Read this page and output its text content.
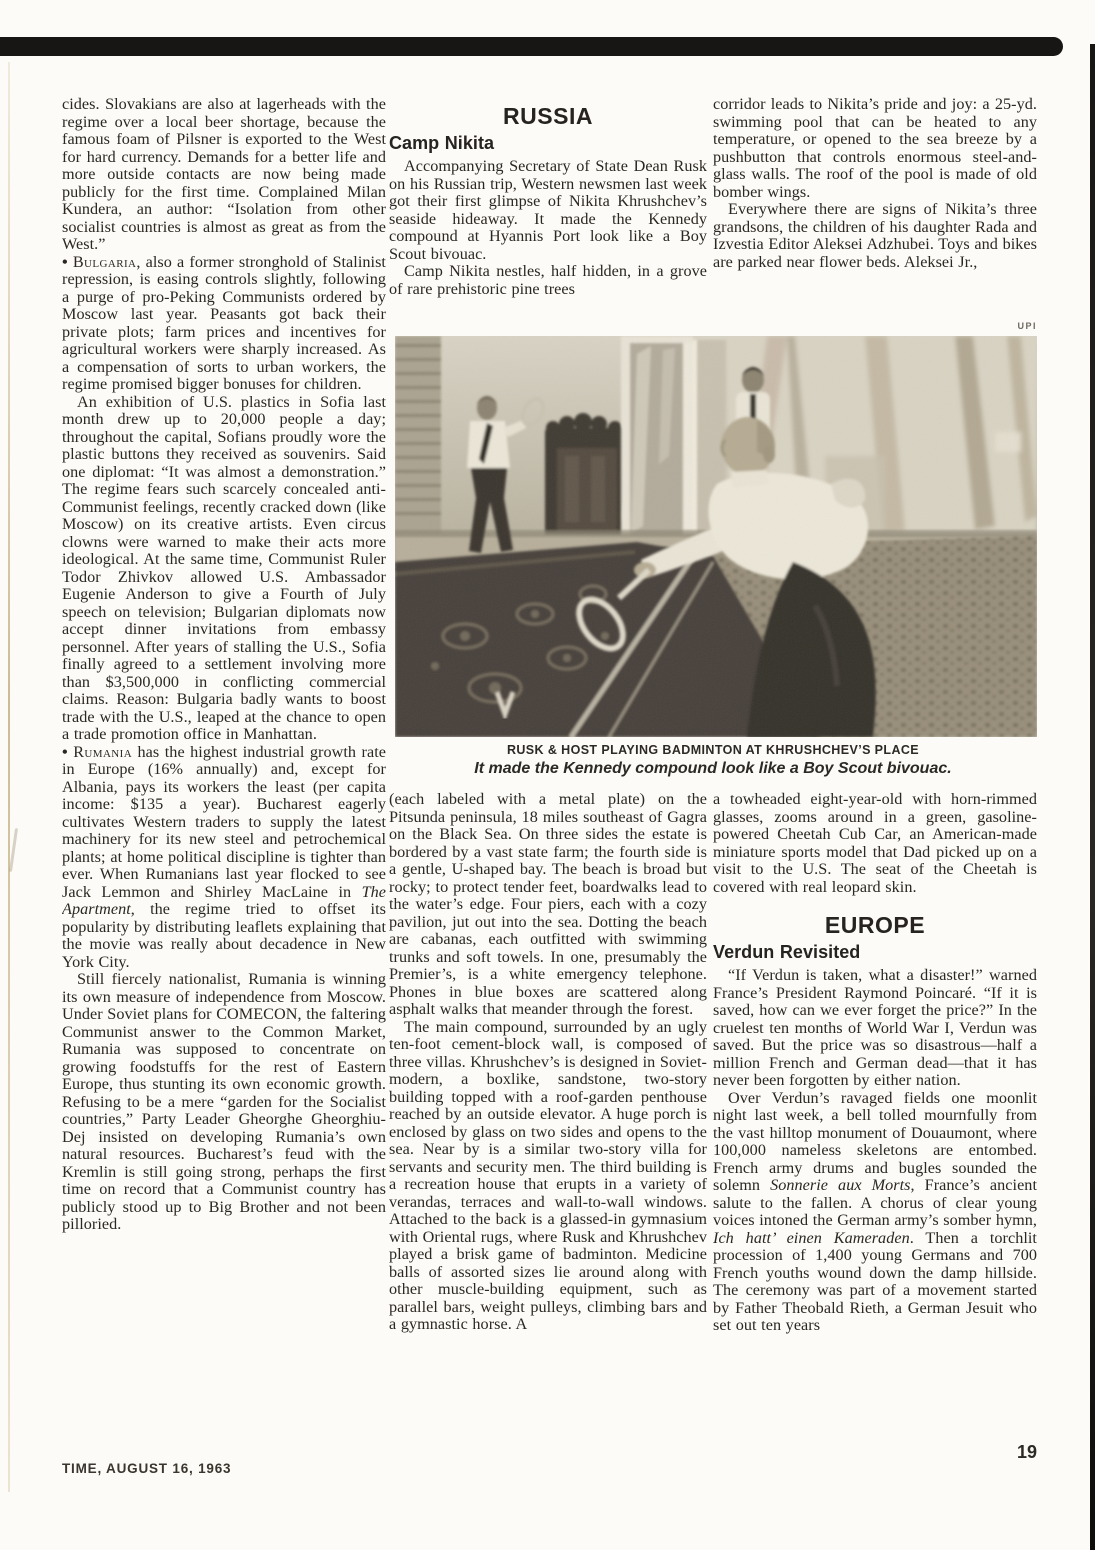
cides. Slovakians are also at lagerheads with the regime over a local beer shortage, because the famous foam of Pilsner is exported to the West for hard currency. Demands for a better life and more outside contacts are now being made publicly for the first time. Complained Milan Kundera, an author: “Isolation from other socialist countries is almost as great as from the West.”

• Bulgaria, also a former stronghold of Stalinist repression, is easing controls slightly, following a purge of pro-Peking Communists ordered by Moscow last year. Peasants got back their private plots; farm prices and incentives for agricultural workers were sharply increased. As a compensation of sorts to urban workers, the regime promised bigger bonuses for children.

An exhibition of U.S. plastics in Sofia last month drew up to 20,000 people a day; throughout the capital, Sofians proudly wore the plastic buttons they received as souvenirs. Said one diplomat: “It was almost a demonstration.” The regime fears such scarcely concealed anti-Communist feelings, recently cracked down (like Moscow) on its creative artists. Even circus clowns were warned to make their acts more ideological. At the same time, Communist Ruler Todor Zhivkov allowed U.S. Ambassador Eugenie Anderson to give a Fourth of July speech on television; Bulgarian diplomats now accept dinner invitations from embassy personnel. After years of stalling the U.S., Sofia finally agreed to a settlement involving more than $3,500,000 in conflicting commercial claims. Reason: Bulgaria badly wants to boost trade with the U.S., leaped at the chance to open a trade promotion office in Manhattan.

• Rumania has the highest industrial growth rate in Europe (16% annually) and, except for Albania, pays its workers the least (per capita income: $135 a year). Bucharest eagerly cultivates Western traders to supply the latest machinery for its new steel and petrochemical plants; at home political discipline is tighter than ever. When Rumanians last year flocked to see Jack Lemmon and Shirley MacLaine in The Apartment, the regime tried to offset its popularity by distributing leaflets explaining that the movie was really about decadence in New York City.

Still fiercely nationalist, Rumania is winning its own measure of independence from Moscow. Under Soviet plans for COMECON, the faltering Communist answer to the Common Market, Rumania was supposed to concentrate on growing foodstuffs for the rest of Eastern Europe, thus stunting its own economic growth. Refusing to be a mere “garden for the Socialist countries,” Party Leader Gheorghe Gheorghiu-Dej insisted on developing Rumania’s own natural resources. Bucharest’s feud with the Kremlin is still going strong, perhaps the first time on record that a Communist country has publicly stood up to Big Brother and not been pilloried.

RUSSIA

Camp Nikita

Accompanying Secretary of State Dean Rusk on his Russian trip, Western newsmen last week got their first glimpse of Nikita Khrushchev’s seaside hideaway. It made the Kennedy compound at Hyannis Port look like a Boy Scout bivouac.

Camp Nikita nestles, half hidden, in a grove of rare prehistoric pine trees

corridor leads to Nikita’s pride and joy: a 25-yd. swimming pool that can be heated to any temperature, or opened to the sea breeze by a pushbutton that controls enormous steel-and-glass walls. The roof of the pool is made of old bomber wings.

Everywhere there are signs of Nikita’s three grandsons, the children of his daughter Rada and Izvestia Editor Aleksei Adzhubei. Toys and bikes are parked near flower beds. Aleksei Jr.,

UPI
RUSK & HOST PLAYING BADMINTON AT KHRUSHCHEV’S PLACE
It made the Kennedy compound look like a Boy Scout bivouac.

(each labeled with a metal plate) on the Pitsunda peninsula, 18 miles southeast of Gagra on the Black Sea. On three sides the estate is bordered by a vast state farm; the fourth side is a gentle, U-shaped bay. The beach is broad but rocky; to protect tender feet, boardwalks lead to the water’s edge. Four piers, each with a cozy pavilion, jut out into the sea. Dotting the beach are cabanas, each outfitted with swimming trunks and soft towels. In one, presumably the Premier’s, is a white emergency telephone. Phones in blue boxes are scattered along asphalt walks that meander through the forest.

The main compound, surrounded by an ugly ten-foot cement-block wall, is composed of three villas. Khrushchev’s is designed in Soviet-modern, a boxlike, sandstone, two-story building topped with a roof-garden penthouse reached by an outside elevator. A huge porch is enclosed by glass on two sides and opens to the sea. Near by is a similar two-story villa for servants and security men. The third building is a recreation house that erupts in a variety of verandas, terraces and wall-to-wall windows. Attached to the back is a glassed-in gymnasium with Oriental rugs, where Rusk and Khrushchev played a brisk game of badminton. Medicine balls of assorted sizes lie around along with other muscle-building equipment, such as parallel bars, weight pulleys, climbing bars and a gymnastic horse. A

a towheaded eight-year-old with horn-rimmed glasses, zooms around in a green, gasoline-powered Cheetah Cub Car, an American-made miniature sports model that Dad picked up on a visit to the U.S. The seat of the Cheetah is covered with real leopard skin.

EUROPE

Verdun Revisited

“If Verdun is taken, what a disaster!” warned France’s President Raymond Poincaré. “If it is saved, how can we ever forget the price?” In the cruelest ten months of World War I, Verdun was saved. But the price was so disastrous—half a million French and German dead—that it has never been forgotten by either nation.

Over Verdun’s ravaged fields one moonlit night last week, a bell tolled mournfully from the vast hilltop monument of Douaumont, where 100,000 nameless skeletons are entombed. French army drums and bugles sounded the solemn Sonnerie aux Morts, France’s ancient salute to the fallen. A chorus of clear young voices intoned the German army’s somber hymn, Ich hatt’ einen Kameraden. Then a torchlit procession of 1,400 young Germans and 700 French youths wound down the damp hillside. The ceremony was part of a movement started by Father Theobald Rieth, a German Jesuit who set out ten years

TIME, AUGUST 16, 1963
19
